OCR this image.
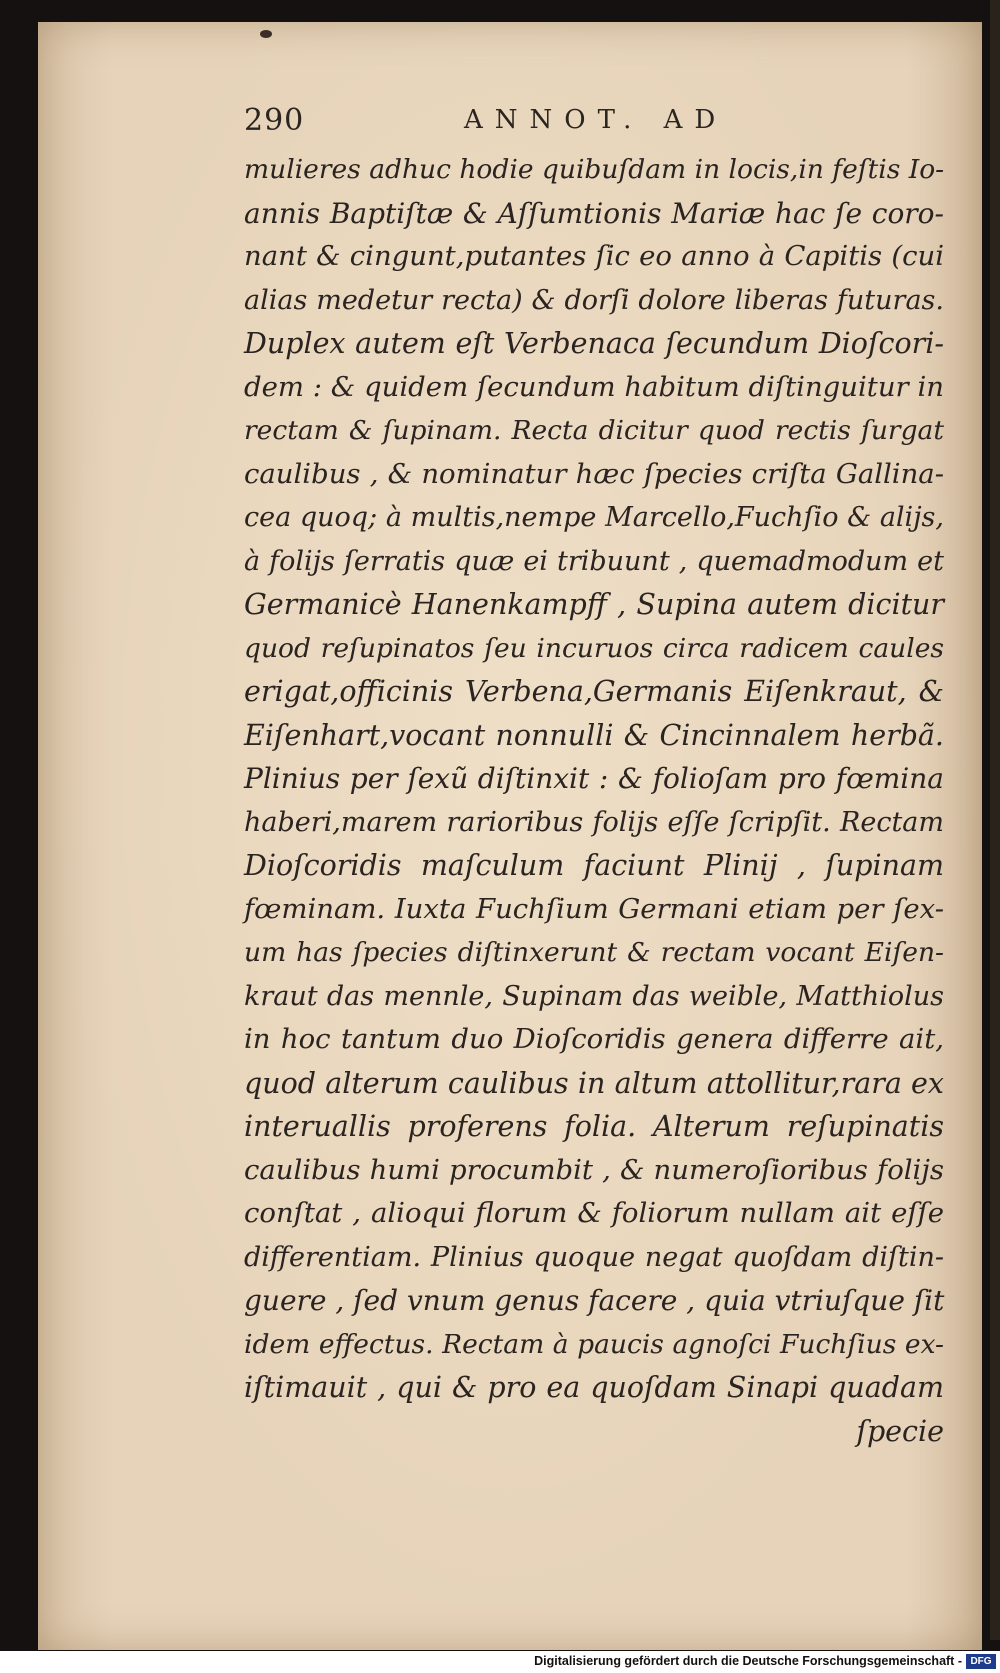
290	ANNOT. AD
mulieres adhuc hodie quibuſdam in locis,in feſtis Io-
annis Baptiſtæ & Aſſumtionis Mariæ hac ſe coro-
nant & cingunt,putantes ſic eo anno à Capitis (cui
alias medetur recta) & dorſi dolore liberas futuras.
Duplex autem eſt Verbenaca ſecundum Dioſcori-
dem : & quidem ſecundum habitum diſtinguitur in
rectam & ſupinam. Recta dicitur quod rectis ſurgat
caulibus , & nominatur hæc ſpecies criſta Gallina-
cea quoq; à multis,nempe Marcello,Fuchſio & alijs,
à folijs ſerratis quæ ei tribuunt , quemadmodum et
Germanicè Hanenkampff , Supina autem dicitur
quod reſupinatos ſeu incuruos circa radicem caules
erigat,officinis Verbena,Germanis Eiſenkraut, &
Eiſenhart,vocant nonnulli & Cincinnalem herbã.
Plinius per ſexũ diſtinxit : & folioſam pro fœmina
haberi,marem rarioribus folijs eſſe ſcripſit. Rectam
Dioſcoridis maſculum faciunt Plinij , ſupinam
fœminam. Iuxta Fuchſium Germani etiam per ſex-
um has ſpecies diſtinxerunt & rectam vocant Eiſen-
kraut das mennle, Supinam das weible, Matthiolus
in hoc tantum duo Dioſcoridis genera differre ait,
quod alterum caulibus in altum attollitur,rara ex
interuallis proferens folia. Alterum reſupinatis
caulibus humi procumbit , & numeroſioribus folijs
conſtat , alioqui florum & foliorum nullam ait eſſe
differentiam. Plinius quoque negat quoſdam diſtin-
guere , ſed vnum genus facere , quia vtriuſque ſit
idem effectus. Rectam à paucis agnoſci Fuchſius ex-
iſtimauit , qui & pro ea quoſdam Sinapi quadam
ſpecie
Digitalisierung gefördert durch die Deutsche Forschungsgemeinschaft - DFG
